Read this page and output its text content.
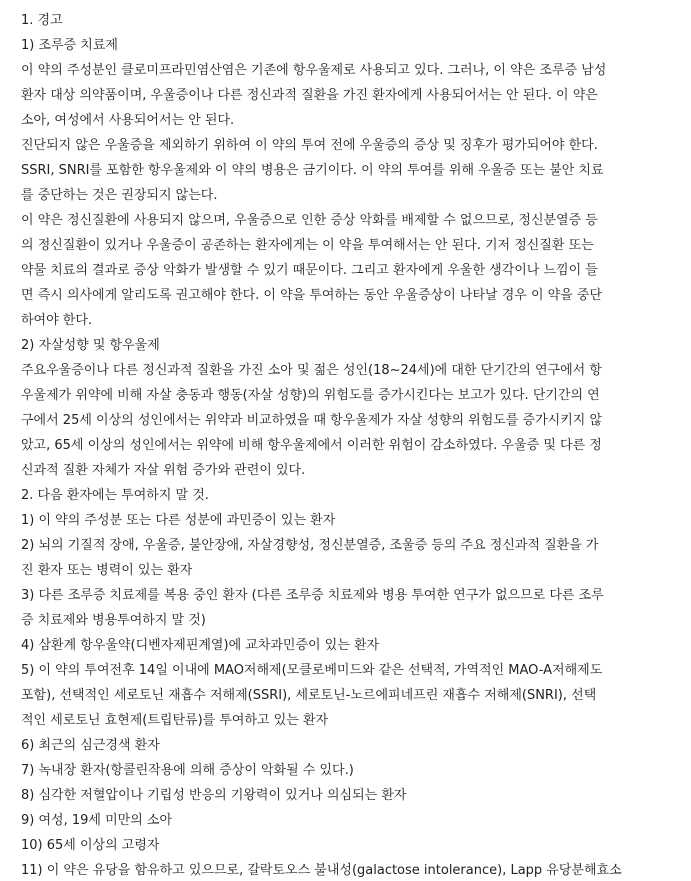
1. 경고
1) 조루증 치료제
이 약의 주성분인 클로미프라민염산염은 기존에 항우울제로 사용되고 있다. 그러나, 이 약은 조루증 남성
환자 대상 의약품이며, 우울증이나 다른 정신과적 질환을 가진 환자에게 사용되어서는 안 된다. 이 약은
소아, 여성에서 사용되어서는 안 된다.
진단되지 않은 우울증을 제외하기 위하여 이 약의 투여 전에 우울증의 증상 및 징후가 평가되어야 한다.
SSRI, SNRI를 포함한 항우울제와 이 약의 병용은 금기이다. 이 약의 투여를 위해 우울증 또는 불안 치료
를 중단하는 것은 권장되지 않는다.
이 약은 정신질환에 사용되지 않으며, 우울증으로 인한 증상 악화를 배제할 수 없으므로, 정신분열증 등
의 정신질환이 있거나 우울증이 공존하는 환자에게는 이 약을 투여해서는 안 된다. 기저 정신질환 또는
약물 치료의 결과로 증상 악화가 발생할 수 있기 때문이다. 그리고 환자에게 우울한 생각이나 느낌이 들
면 즉시 의사에게 알리도록 권고해야 한다. 이 약을 투여하는 동안 우울증상이 나타날 경우 이 약을 중단
하여야 한다.
2) 자살성향 및 항우울제
주요우울증이나 다른 정신과적 질환을 가진 소아 및 젊은 성인(18~24세)에 대한 단기간의 연구에서 항
우울제가 위약에 비해 자살 충동과 행동(자살 성향)의 위험도를 증가시킨다는 보고가 있다. 단기간의 연
구에서 25세 이상의 성인에서는 위약과 비교하였을 때 항우울제가 자살 성향의 위험도를 증가시키지 않
았고, 65세 이상의 성인에서는 위약에 비해 항우울제에서 이러한 위험이 감소하였다. 우울증 및 다른 정
신과적 질환 자체가 자살 위험 증가와 관련이 있다.
2. 다음 환자에는 투여하지 말 것.
1) 이 약의 주성분 또는 다른 성분에 과민증이 있는 환자
2) 뇌의 기질적 장애, 우울증, 불안장애, 자살경향성, 정신분열증, 조울증 등의 주요 정신과적 질환을 가
진 환자 또는 병력이 있는 환자
3) 다른 조루증 치료제를 복용 중인 환자 (다른 조루증 치료제와 병용 투여한 연구가 없으므로 다른 조루
증 치료제와 병용투여하지 말 것)
4) 삼환계 항우울약(디벤자제핀계열)에 교차과민증이 있는 환자
5) 이 약의 투여전후 14일 이내에 MAO저해제(모클로베미드와 같은 선택적, 가역적인 MAO-A저해제도
포함), 선택적인 세로토닌 재흡수 저해제(SSRI), 세로토닌-노르에피네프린 재흡수 저해제(SNRI), 선택
적인 세로토닌 효현제(트립탄류)를 투여하고 있는 환자
6) 최근의 심근경색 환자
7) 녹내장 환자(항콜린작용에 의해 증상이 악화될 수 있다.)
8) 심각한 저혈압이나 기립성 반응의 기왕력이 있거나 의심되는 환자
9) 여성, 19세 미만의 소아
10) 65세 이상의 고령자
11) 이 약은 유당을 함유하고 있으므로, 갈락토오스 불내성(galactose intolerance), Lapp 유당분해효소
